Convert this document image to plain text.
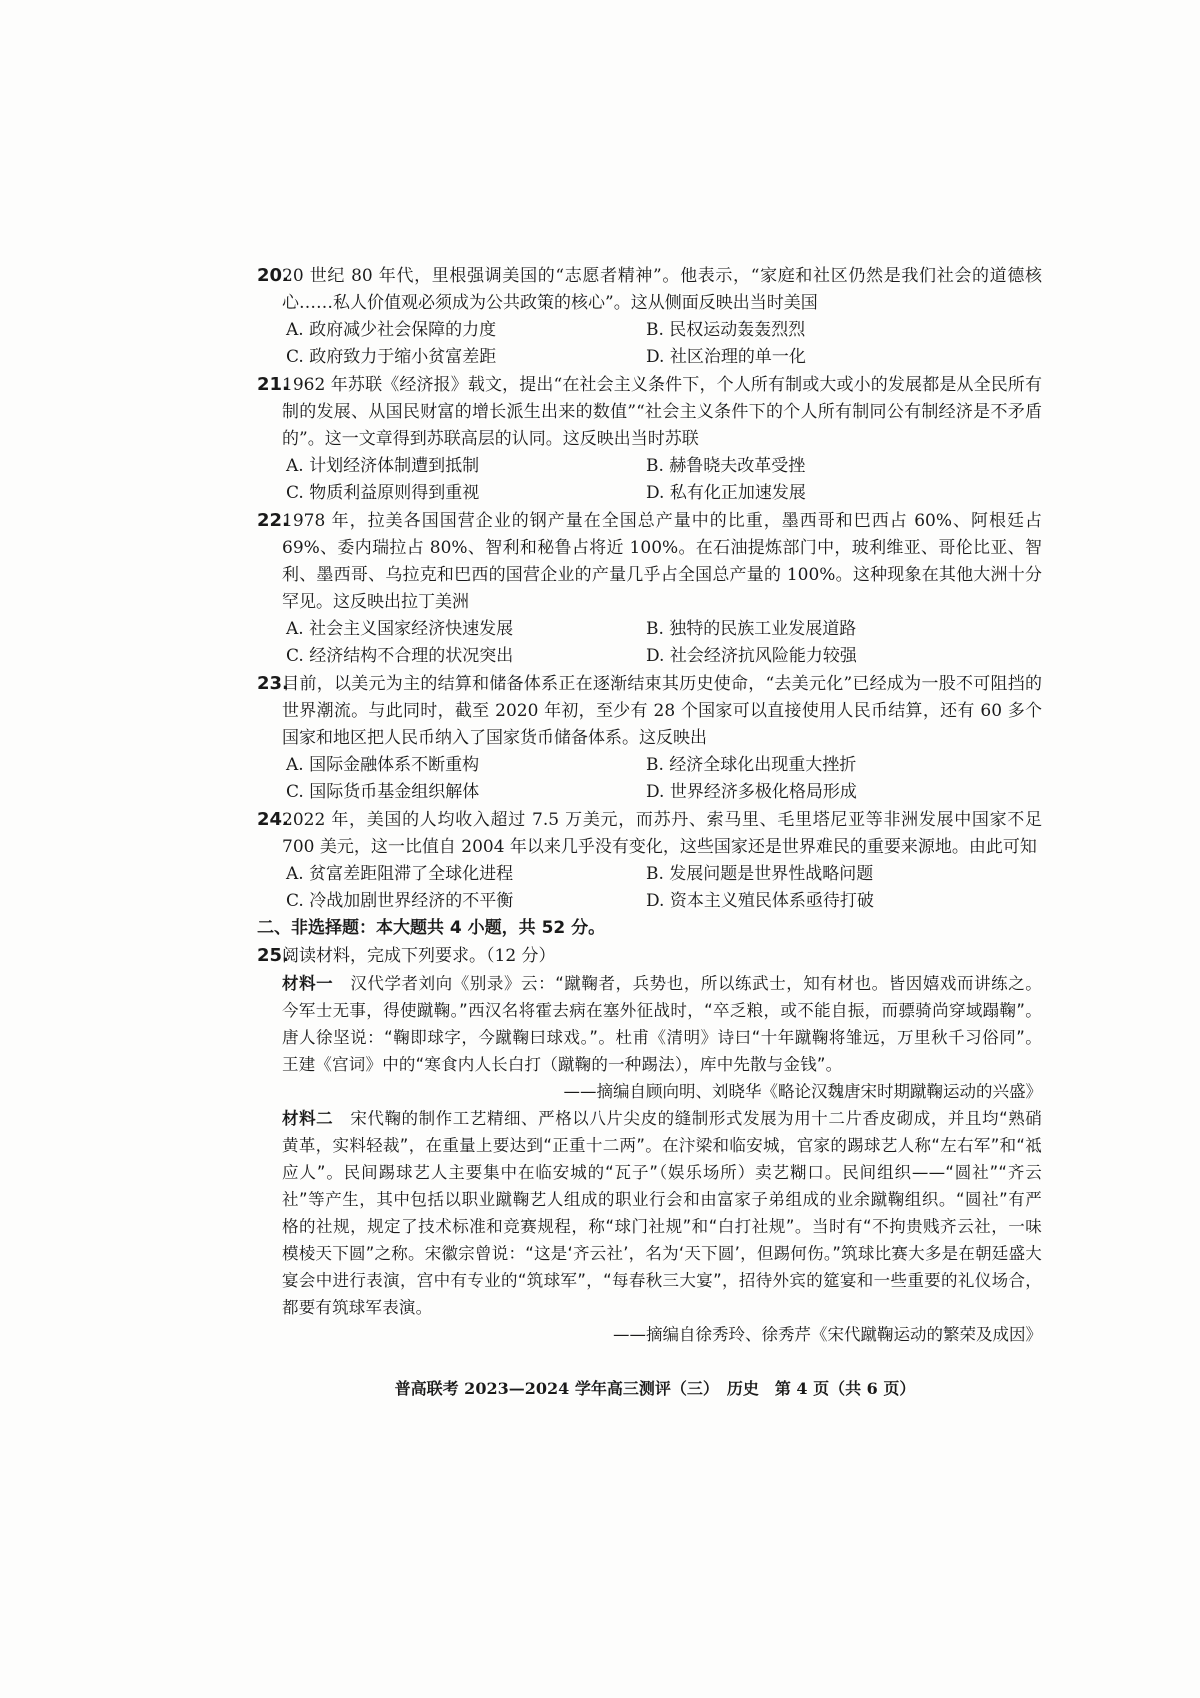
20.20 世纪 80 年代，里根强调美国的“志愿者精神”。他表示，“家庭和社区仍然是我们社会的道德核心……私人价值观必须成为公共政策的核心”。这从侧面反映出当时美国

A. 政府减少社会保障的力度	B. 民权运动轰轰烈烈
C. 政府致力于缩小贫富差距	D. 社区治理的单一化

21.1962 年苏联《经济报》载文，提出“在社会主义条件下，个人所有制或大或小的发展都是从全民所有制的发展、从国民财富的增长派生出来的数值”“社会主义条件下的个人所有制同公有制经济是不矛盾的”。这一文章得到苏联高层的认同。这反映出当时苏联

A. 计划经济体制遭到抵制	B. 赫鲁晓夫改革受挫
C. 物质利益原则得到重视	D. 私有化正加速发展

22.1978 年，拉美各国国营企业的钢产量在全国总产量中的比重，墨西哥和巴西占 60%、阿根廷占 69%、委内瑞拉占 80%、智利和秘鲁占将近 100%。在石油提炼部门中，玻利维亚、哥伦比亚、智利、墨西哥、乌拉克和巴西的国营企业的产量几乎占全国总产量的 100%。这种现象在其他大洲十分罕见。这反映出拉丁美洲

A. 社会主义国家经济快速发展	B. 独特的民族工业发展道路
C. 经济结构不合理的状况突出	D. 社会经济抗风险能力较强

23.目前，以美元为主的结算和储备体系正在逐渐结束其历史使命，“去美元化”已经成为一股不可阻挡的世界潮流。与此同时，截至 2020 年初，至少有 28 个国家可以直接使用人民币结算，还有 60 多个国家和地区把人民币纳入了国家货币储备体系。这反映出

A. 国际金融体系不断重构	B. 经济全球化出现重大挫折
C. 国际货币基金组织解体	D. 世界经济多极化格局形成

24.2022 年，美国的人均收入超过 7.5 万美元，而苏丹、索马里、毛里塔尼亚等非洲发展中国家不足 700 美元，这一比值自 2004 年以来几乎没有变化，这些国家还是世界难民的重要来源地。由此可知

A. 贫富差距阻滞了全球化进程	B. 发展问题是世界性战略问题
C. 冷战加剧世界经济的不平衡	D. 资本主义殖民体系亟待打破
二、非选择题：本大题共 4 小题，共 52 分。

25.阅读材料，完成下列要求。（12 分）

材料一　 汉代学者刘向《别录》云：“蹴鞠者，兵势也，所以练武士，知有材也。皆因嬉戏而讲练之。今军士无事，得使蹴鞠。”西汉名将霍去病在塞外征战时，“卒乏粮，或不能自振，而骠骑尚穿域蹋鞠”。唐人徐坚说：“鞠即球字，今蹴鞠曰球戏。”。杜甫《清明》诗曰“十年蹴鞠将雏远，万里秋千习俗同”。王建《宫词》中的“寒食内人长白打（蹴鞠的一种踢法），库中先散与金钱”。

——摘编自顾向明、刘晓华《略论汉魏唐宋时期蹴鞠运动的兴盛》

材料二　 宋代鞠的制作工艺精细、严格以八片尖皮的缝制形式发展为用十二片香皮砌成，并且均“熟硝黄革，实料轻裁”，在重量上要达到“正重十二两”。在汴梁和临安城，官家的踢球艺人称“左右军”和“祗应人”。民间踢球艺人主要集中在临安城的“瓦子”（娱乐场所）卖艺糊口。民间组织——“圆社”“齐云社”等产生，其中包括以职业蹴鞠艺人组成的职业行会和由富家子弟组成的业余蹴鞠组织。“圆社”有严格的社规，规定了技术标准和竞赛规程，称“球门社规”和“白打社规”。当时有“不拘贵贱齐云社，一味模棱天下圆”之称。宋徽宗曾说：“这是‘齐云社’，名为‘天下圆’，但踢何伤。”筑球比赛大多是在朝廷盛大宴会中进行表演，宫中有专业的“筑球军”，“每春秋三大宴”，招待外宾的筵宴和一些重要的礼仪场合，都要有筑球军表演。

——摘编自徐秀玲、徐秀芹《宋代蹴鞠运动的繁荣及成因》
普高联考 2023—2024 学年高三测评（三）　历史　第 4 页（共 6 页）
